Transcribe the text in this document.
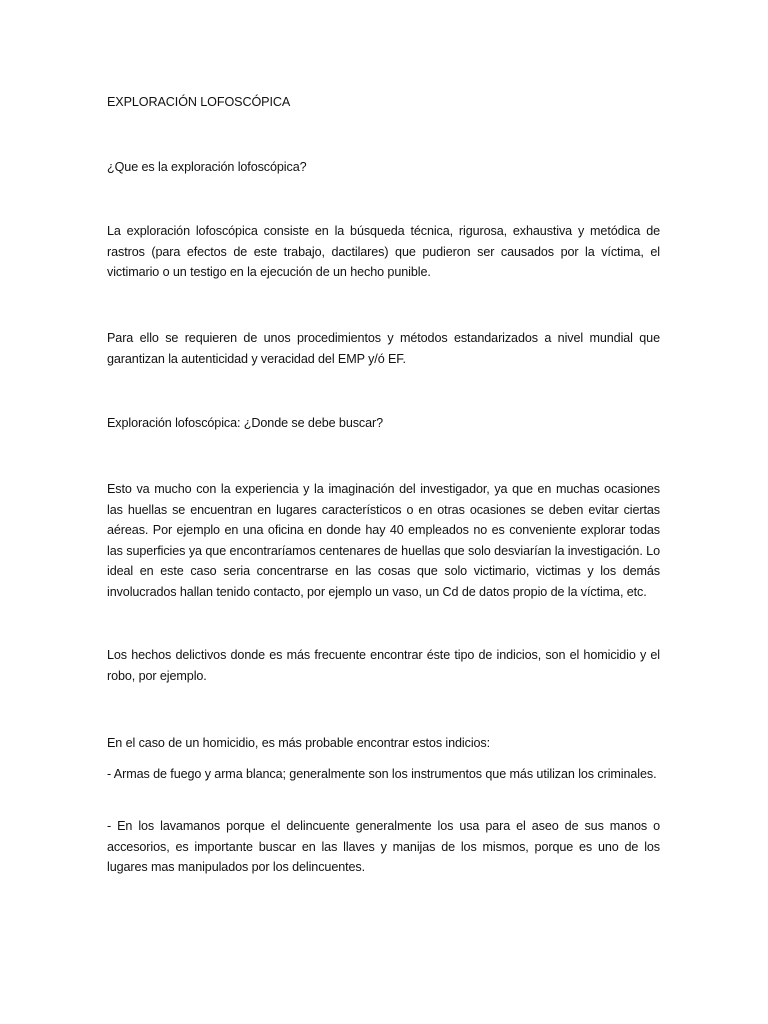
EXPLORACIÓN LOFOSCÓPICA

¿Que es la exploración lofoscópica?

La exploración lofoscópica consiste en la búsqueda técnica, rigurosa, exhaustiva y metódica de rastros (para efectos de este trabajo, dactilares) que pudieron ser causados por la víctima, el victimario o un testigo en la ejecución de un hecho punible.

Para ello se requieren de unos procedimientos y métodos estandarizados a nivel mundial que garantizan la autenticidad y veracidad del EMP y/ó EF.

Exploración lofoscópica: ¿Donde se debe buscar?

Esto va mucho con la experiencia y la imaginación del investigador, ya que en muchas ocasiones las huellas se encuentran en lugares característicos o en otras ocasiones se deben evitar ciertas aéreas. Por ejemplo en una oficina en donde hay 40 empleados no es conveniente explorar todas las superficies ya que encontraríamos centenares de huellas que solo desviarían la investigación. Lo ideal en este caso seria concentrarse en las cosas que solo victimario, victimas y los demás involucrados hallan tenido contacto, por ejemplo un vaso, un Cd de datos propio de la víctima, etc.

Los hechos delictivos donde es más frecuente encontrar éste tipo de indicios, son el homicidio y el robo, por ejemplo.

En el caso de un homicidio, es más probable encontrar estos indicios:

- Armas de fuego y arma blanca; generalmente son los instrumentos que más utilizan los criminales.

- En los lavamanos porque el delincuente generalmente los usa para el aseo de sus manos o accesorios, es importante buscar en las llaves y manijas de los mismos, porque es uno de los lugares mas manipulados por los delincuentes.
